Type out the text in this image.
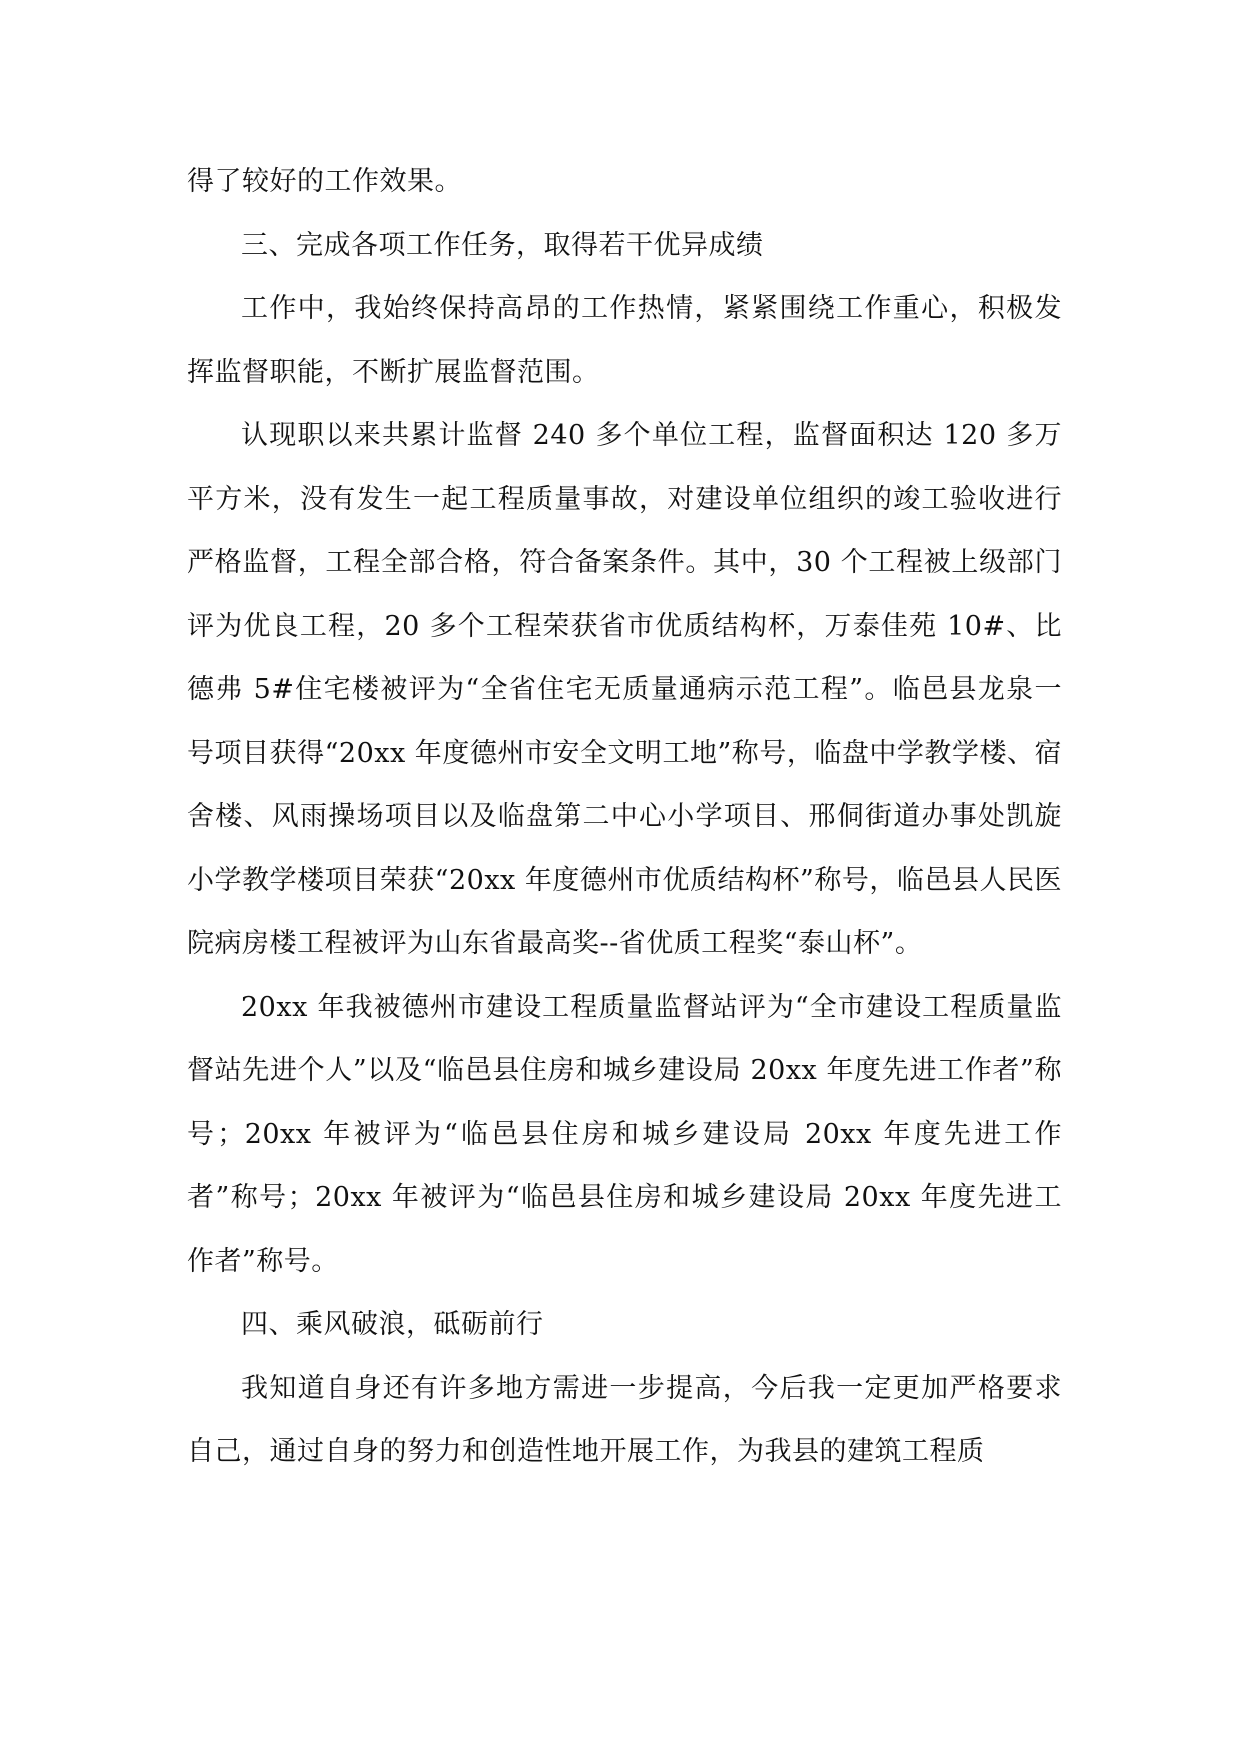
得了较好的工作效果。

三、完成各项工作任务，取得若干优异成绩

工作中，我始终保持高昂的工作热情，紧紧围绕工作重心，积极发挥监督职能，不断扩展监督范围。

认现职以来共累计监督 240 多个单位工程，监督面积达 120 多万平方米，没有发生一起工程质量事故，对建设单位组织的竣工验收进行严格监督，工程全部合格，符合备案条件。其中，30 个工程被上级部门评为优良工程，20 多个工程荣获省市优质结构杯，万泰佳苑 10#、比德弗 5#住宅楼被评为“全省住宅无质量通病示范工程”。临邑县龙泉一号项目获得“20xx 年度德州市安全文明工地”称号，临盘中学教学楼、宿舍楼、风雨操场项目以及临盘第二中心小学项目、邢侗街道办事处凯旋小学教学楼项目荣获“20xx 年度德州市优质结构杯”称号，临邑县人民医院病房楼工程被评为山东省最高奖--省优质工程奖“泰山杯”。

20xx 年我被德州市建设工程质量监督站评为“全市建设工程质量监督站先进个人”以及“临邑县住房和城乡建设局 20xx 年度先进工作者”称号；20xx 年被评为“临邑县住房和城乡建设局 20xx 年度先进工作者”称号；20xx 年被评为“临邑县住房和城乡建设局 20xx 年度先进工作者”称号。

四、乘风破浪，砥砺前行

我知道自身还有许多地方需进一步提高，今后我一定更加严格要求自己，通过自身的努力和创造性地开展工作，为我县的建筑工程质
